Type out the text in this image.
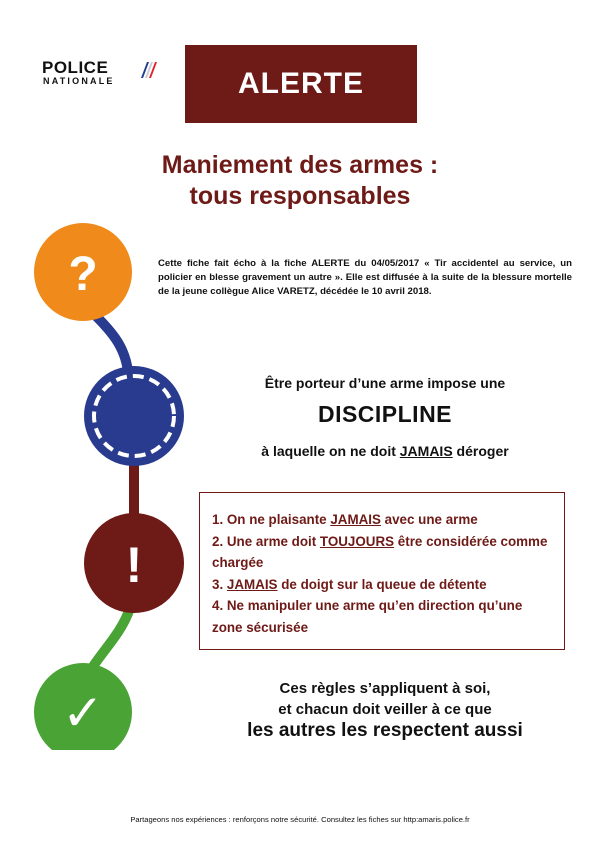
POLICE
NATIONALE	ALERTE
Maniement des armes :
tous responsables
?
!
✓
Cette fiche fait écho à la fiche ALERTE du 04/05/2017 « Tir accidentel au service, un policier en blesse gravement un autre ». Elle est diffusée à la suite de la blessure mortelle de la jeune collègue Alice VARETZ, décédée le 10 avril 2018.
Être porteur d’une arme impose une
DISCIPLINE
à laquelle on ne doit JAMAIS déroger
1. On ne plaisante JAMAIS avec une arme
2. Une arme doit TOUJOURS être considérée comme chargée
3. JAMAIS de doigt sur la queue de détente
4. Ne manipuler une arme qu’en direction qu’une zone sécurisée
Ces règles s’appliquent à soi,
et chacun doit veiller à ce que
les autres les respectent aussi
Partageons nos expériences : renforçons notre sécurité. Consultez les fiches sur http:amaris.police.fr
